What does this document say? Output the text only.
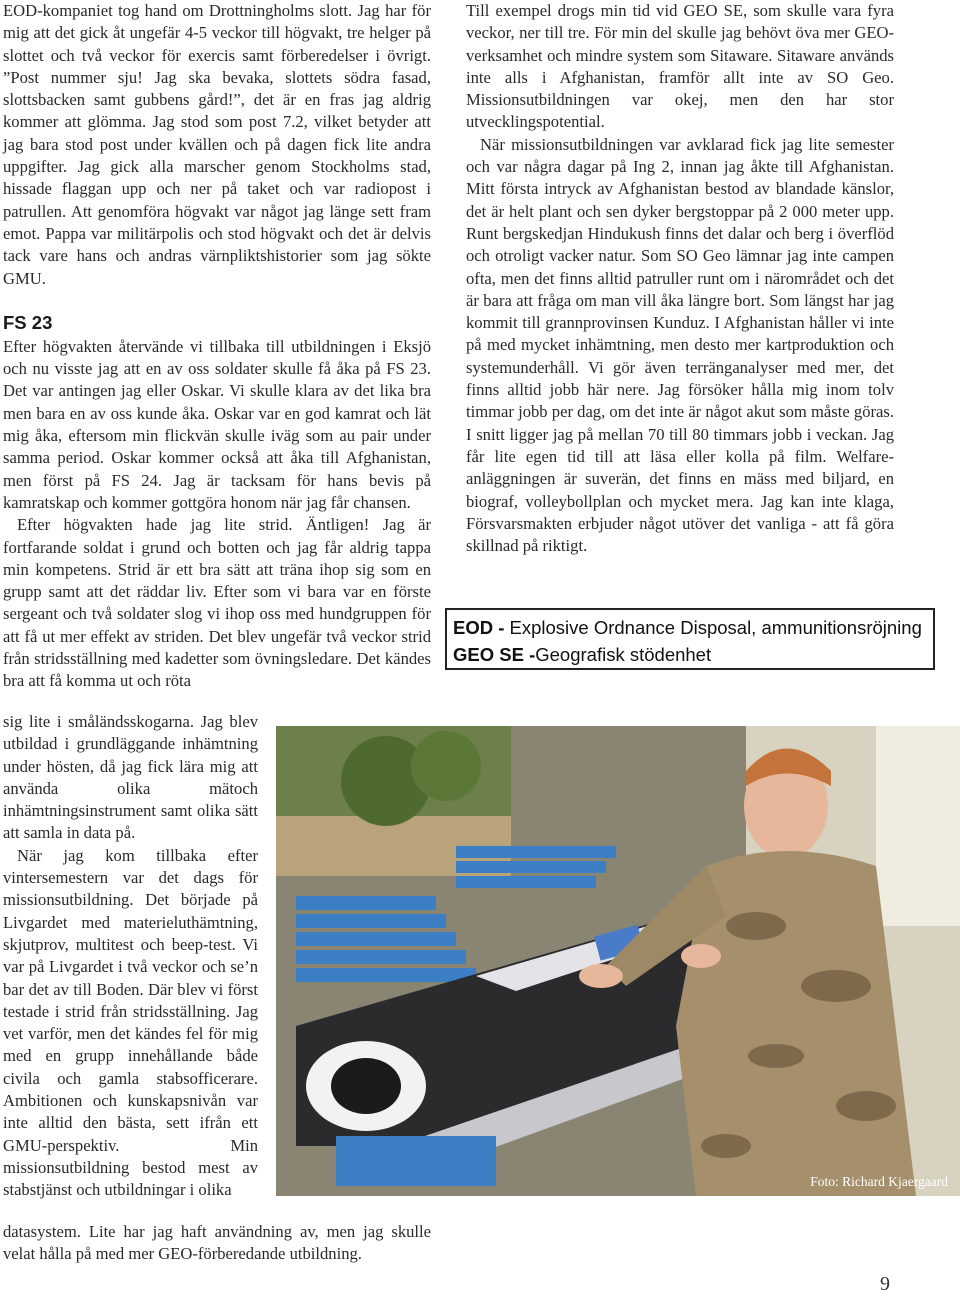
EOD-kompaniet tog hand om Drottningholms slott. Jag har för mig att det gick åt ungefär 4-5 veckor till högvakt, tre helger på slottet och två veckor för exercis samt förberedelser i övrigt. ”Post nummer sju! Jag ska bevaka, slottets södra fasad, slottsbacken samt gubbens gård!”, det är en fras jag aldrig kommer att glömma. Jag stod som post 7.2, vilket betyder att jag bara stod post under kvällen och på dagen fick lite andra uppgifter. Jag gick alla marscher genom Stockholms stad, hissade flaggan upp och ner på taket och var radiopost i patrullen. Att genomföra högvakt var något jag länge sett fram emot. Pappa var militärpolis och stod högvakt och det är delvis tack vare hans och andras värnpliktshistorier som jag sökte GMU.

FS 23

Efter högvakten återvände vi tillbaka till utbildningen i Eksjö och nu visste jag att en av oss soldater skulle få åka på FS 23. Det var antingen jag eller Oskar. Vi skulle klara av det lika bra men bara en av oss kunde åka. Oskar var en god kamrat och lät mig åka, eftersom min flickvän skulle iväg som au pair under samma period. Oskar kommer också att åka till Afghanistan, men först på FS 24. Jag är tacksam för hans bevis på kamratskap och kommer gottgöra honom när jag får chansen.

Efter högvakten hade jag lite strid. Äntligen! Jag är fortfarande soldat i grund och botten och jag får aldrig tappa min kompetens. Strid är ett bra sätt att träna ihop sig som en grupp samt att det räddar liv. Efter som vi bara var en förste sergeant och två soldater slog vi ihop oss med hundgruppen för att få ut mer effekt av striden. Det blev ungefär två veckor strid från stridsställning med kadetter som övningsledare. Det kändes bra att få komma ut och röta

sig lite i småländsskogarna. Jag blev utbildad i grundläggande inhämtning under hösten, då jag fick lära mig att använda olika mätoch inhämtningsinstrument samt olika sätt att samla in data på.

När jag kom tillbaka efter vintersemestern var det dags för missionsutbildning. Det började på Livgardet med materieluthämtning, skjutprov, multitest och beep-test. Vi var på Livgardet i två veckor och se’n bar det av till Boden. Där blev vi först testade i strid från stridsställning. Jag vet varför, men det kändes fel för mig med en grupp innehållande både civila och gamla stabsofficerare. Ambitionen och kunskapsnivån var inte alltid den bästa, sett ifrån ett GMU-perspektiv. Min missionsutbildning bestod mest av stabstjänst och utbildningar i olika

datasystem. Lite har jag haft användning av, men jag skulle velat hålla på med mer GEO-förberedande utbildning.

Till exempel drogs min tid vid GEO SE, som skulle vara fyra veckor, ner till tre. För min del skulle jag behövt öva mer GEO-verksamhet och mindre system som Sitaware. Sitaware används inte alls i Afghanistan, framför allt inte av SO Geo. Missionsutbildningen var okej, men den har stor utvecklingspotential.

När missionsutbildningen var avklarad fick jag lite semester och var några dagar på Ing 2, innan jag åkte till Afghanistan. Mitt första intryck av Afghanistan bestod av blandade känslor, det är helt plant och sen dyker bergstoppar på 2 000 meter upp. Runt bergskedjan Hindukush finns det dalar och berg i överflöd och otroligt vacker natur. Som SO Geo lämnar jag inte campen ofta, men det finns alltid patruller runt om i närområdet och det är bara att fråga om man vill åka längre bort. Som längst har jag kommit till grannprovinsen Kunduz. I Afghanistan håller vi inte på med mycket inhämtning, men desto mer kartproduktion och systemunderhåll. Vi gör även terränganalyser med mer, det finns alltid jobb här nere. Jag försöker hålla mig inom tolv timmar jobb per dag, om det inte är något akut som måste göras. I snitt ligger jag på mellan 70 till 80 timmars jobb i veckan. Jag får lite egen tid till att läsa eller kolla på film. Welfare-anläggningen är suverän, det finns en mäss med biljard, en biograf, volleybollplan och mycket mera. Jag kan inte klaga, Försvarsmakten erbjuder något utöver det vanliga - att få göra skillnad på riktigt.

EOD - Explosive Ordnance Disposal, ammunitionsröjning
GEO SE -Geografisk stödenhet
Foto: Richard Kjaergaard
9
